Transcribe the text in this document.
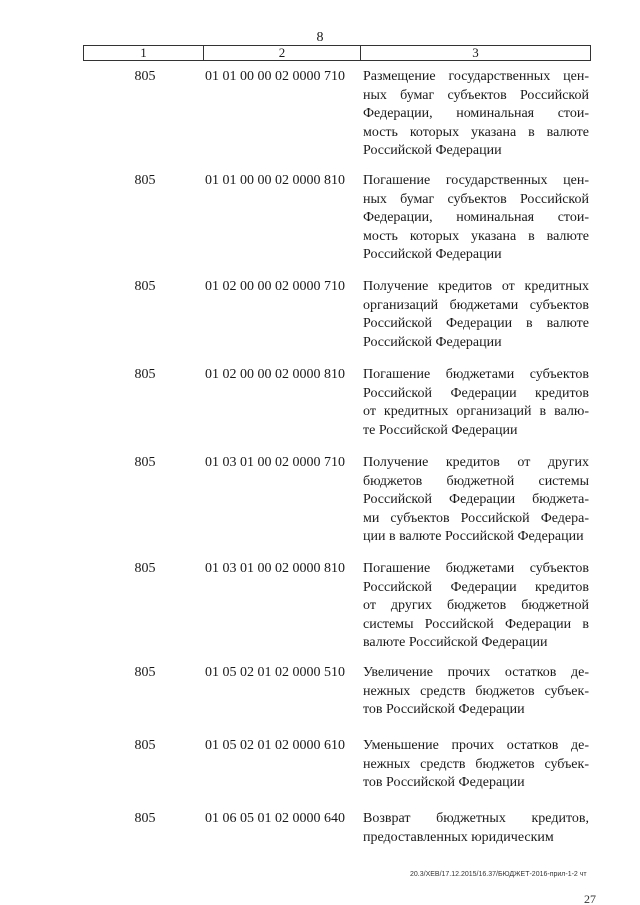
8
1	2	3
805	01 01 00 00 02 0000 710	Размещение государственных цен-
ных бумаг субъектов Российской
Федерации, номинальная стои-
мость которых указана в валюте
Российской Федерации
805	01 01 00 00 02 0000 810	Погашение государственных цен-
ных бумаг субъектов Российской
Федерации, номинальная стои-
мость которых указана в валюте
Российской Федерации
805	01 02 00 00 02 0000 710	Получение кредитов от кредитных
организаций бюджетами субъектов
Российской Федерации в валюте
Российской Федерации
805	01 02 00 00 02 0000 810	Погашение бюджетами субъектов
Российской Федерации кредитов
от кредитных организаций в валю-
те Российской Федерации
805	01 03 01 00 02 0000 710	Получение кредитов от других
бюджетов бюджетной системы
Российской Федерации бюджета-
ми субъектов Российской Федера-
ции в валюте Российской Федерации
805	01 03 01 00 02 0000 810	Погашение бюджетами субъектов
Российской Федерации кредитов
от других бюджетов бюджетной
системы Российской Федерации в
валюте Российской Федерации
805	01 05 02 01 02 0000 510	Увеличение прочих остатков де-
нежных средств бюджетов субъек-
тов Российской Федерации
805	01 05 02 01 02 0000 610	Уменьшение прочих остатков де-
нежных средств бюджетов субъек-
тов Российской Федерации
805	01 06 05 01 02 0000 640	Возврат бюджетных кредитов,
предоставленных юридическим
20.3/ХЕВ/17.12.2015/16.37/БЮДЖЕТ-2016-прил-1-2 чт
27
